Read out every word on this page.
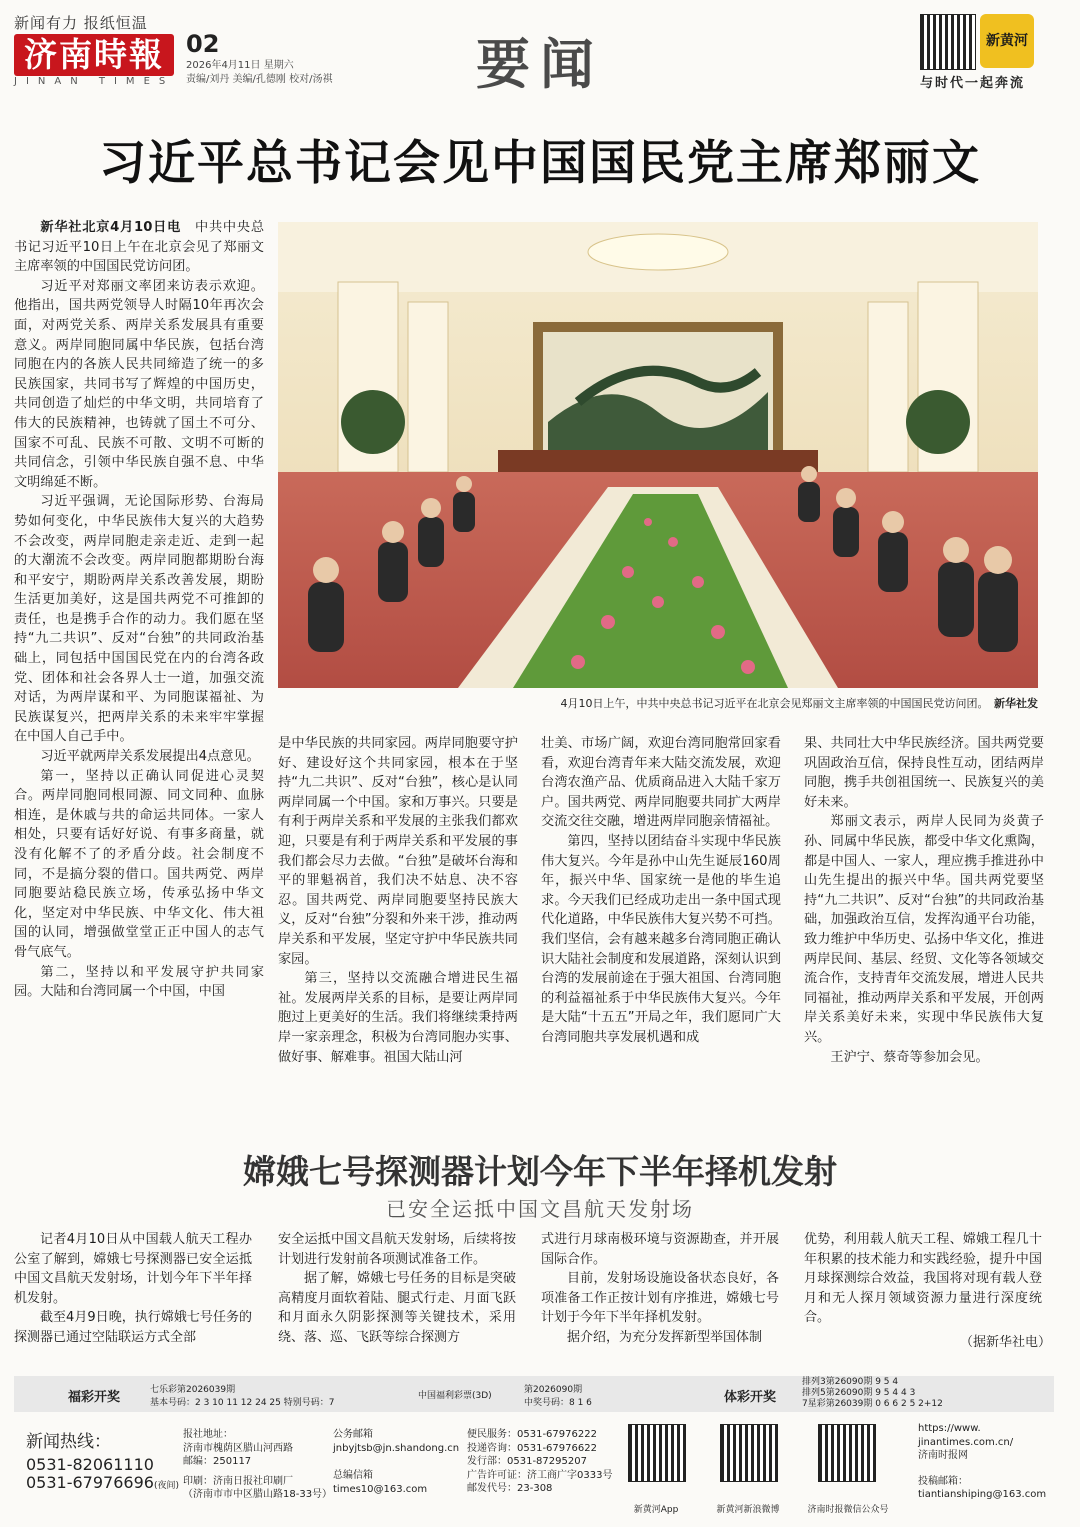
新闻有力 报纸恒温
济南時報
JINAN TIMES
02
2026年4月11日 星期六
责编/刘丹 美编/孔德刚 校对/汤祺	要闻	新黄河
与时代一起奔流
习近平总书记会见中国国民党主席郑丽文

新华社北京4月10日电　 中共中央总书记习近平10日上午在北京会见了郑丽文主席率领的中国国民党访问团。

习近平对郑丽文率团来访表示欢迎。他指出，国共两党领导人时隔10年再次会面，对两党关系、两岸关系发展具有重要意义。两岸同胞同属中华民族，包括台湾同胞在内的各族人民共同缔造了统一的多民族国家，共同书写了辉煌的中国历史，共同创造了灿烂的中华文明，共同培育了伟大的民族精神，也铸就了国土不可分、国家不可乱、民族不可散、文明不可断的共同信念，引领中华民族自强不息、中华文明绵延不断。

习近平强调，无论国际形势、台海局势如何变化，中华民族伟大复兴的大趋势不会改变，两岸同胞走亲走近、走到一起的大潮流不会改变。两岸同胞都期盼台海和平安宁，期盼两岸关系改善发展，期盼生活更加美好，这是国共两党不可推卸的责任，也是携手合作的动力。我们愿在坚持“九二共识”、反对“台独”的共同政治基础上，同包括中国国民党在内的台湾各政党、团体和社会各界人士一道，加强交流对话，为两岸谋和平、为同胞谋福祉、为民族谋复兴，把两岸关系的未来牢牢掌握在中国人自己手中。

习近平就两岸关系发展提出4点意见。

第一，坚持以正确认同促进心灵契合。两岸同胞同根同源、同文同种、血脉相连，是休戚与共的命运共同体。一家人相处，只要有话好好说、有事多商量，就没有化解不了的矛盾分歧。社会制度不同，不是搞分裂的借口。国共两党、两岸同胞要站稳民族立场，传承弘扬中华文化，坚定对中华民族、中华文化、伟大祖国的认同，增强做堂堂正正中国人的志气骨气底气。

第二，坚持以和平发展守护共同家园。大陆和台湾同属一个中国，中国

4月10日上午，中共中央总书记习近平在北京会见郑丽文主席率领的中国国民党访问团。　 新华社发

是中华民族的共同家园。两岸同胞要守护好、建设好这个共同家园，根本在于坚持“九二共识”、反对“台独”，核心是认同两岸同属一个中国。家和万事兴。只要是有利于两岸关系和平发展的主张我们都欢迎，只要是有利于两岸关系和平发展的事我们都会尽力去做。“台独”是破坏台海和平的罪魁祸首，我们决不姑息、决不容忍。国共两党、两岸同胞要坚持民族大义，反对“台独”分裂和外来干涉，推动两岸关系和平发展，坚定守护中华民族共同家园。

第三，坚持以交流融合增进民生福祉。发展两岸关系的目标，是要让两岸同胞过上更美好的生活。我们将继续秉持两岸一家亲理念，积极为台湾同胞办实事、做好事、解难事。祖国大陆山河

壮美、市场广阔，欢迎台湾同胞常回家看看，欢迎台湾青年来大陆交流发展，欢迎台湾农渔产品、优质商品进入大陆千家万户。国共两党、两岸同胞要共同扩大两岸交流交往交融，增进两岸同胞亲情福祉。

第四，坚持以团结奋斗实现中华民族伟大复兴。今年是孙中山先生诞辰160周年，振兴中华、国家统一是他的毕生追求。今天我们已经成功走出一条中国式现代化道路，中华民族伟大复兴势不可挡。我们坚信，会有越来越多台湾同胞正确认识大陆社会制度和发展道路，深刻认识到台湾的发展前途在于强大祖国、台湾同胞的利益福祉系于中华民族伟大复兴。今年是大陆“十五五”开局之年，我们愿同广大台湾同胞共享发展机遇和成

果、共同壮大中华民族经济。国共两党要巩固政治互信，保持良性互动，团结两岸同胞，携手共创祖国统一、民族复兴的美好未来。

郑丽文表示，两岸人民同为炎黄子孙、同属中华民族，都受中华文化熏陶，都是中国人、一家人，理应携手推进孙中山先生提出的振兴中华。国共两党要坚持“九二共识”、反对“台独”的共同政治基础，加强政治互信，发挥沟通平台功能，致力维护中华历史、弘扬中华文化，推进两岸民间、基层、经贸、文化等各领域交流合作，支持青年交流发展，增进人民共同福祉，推动两岸关系和平发展，开创两岸关系美好未来，实现中华民族伟大复兴。

王沪宁、蔡奇等参加会见。

嫦娥七号探测器计划今年下半年择机发射
已安全运抵中国文昌航天发射场

记者4月10日从中国载人航天工程办公室了解到，嫦娥七号探测器已安全运抵中国文昌航天发射场，计划今年下半年择机发射。

截至4月9日晚，执行嫦娥七号任务的探测器已通过空陆联运方式全部

安全运抵中国文昌航天发射场，后续将按计划进行发射前各项测试准备工作。

据了解，嫦娥七号任务的目标是突破高精度月面软着陆、腿式行走、月面飞跃和月面永久阴影探测等关键技术，采用绕、落、巡、飞跃等综合探测方

式进行月球南极环境与资源勘查，并开展国际合作。

目前，发射场设施设备状态良好，各项准备工作正按计划有序推进，嫦娥七号计划于今年下半年择机发射。

据介绍，为充分发挥新型举国体制

优势，利用载人航天工程、嫦娥工程几十年积累的技术能力和实践经验，提升中国月球探测综合效益，我国将对现有载人登月和无人探月领域资源力量进行深度统合。

（据新华社电）
福彩开奖	七乐彩第2026039期
基本号码：2 3 10 11 12 24 25 特别号码：7
中国福利彩票(3D)
第2026090期
中奖号码：8 1 6	体彩开奖
排列3第26090期 9 5 4
排列5第26090期 9 5 4 4 3
7星彩第26039期 0 6 6 2 5 2+12
新闻热线：
0531-82061110
0531-67976696(夜间)
报社地址：
济南市槐荫区腊山河西路
邮编：250117
印刷：济南日报社印刷厂
（济南市市中区腊山路18-33号）
公务邮箱
jnbyjtsb@jn.shandong.cn
总编信箱
times10@163.com
便民服务：0531-67976222
投递咨询：0531-67976622
发行部：0531-87295207
广告许可证：济工商广字0333号
邮发代号：23-308
新黄河App	新黄河新浪微博	济南时报微信公众号
https://www.
jinantimes.com.cn/
济南时报网
投稿邮箱：
tiantianshiping@163.com
